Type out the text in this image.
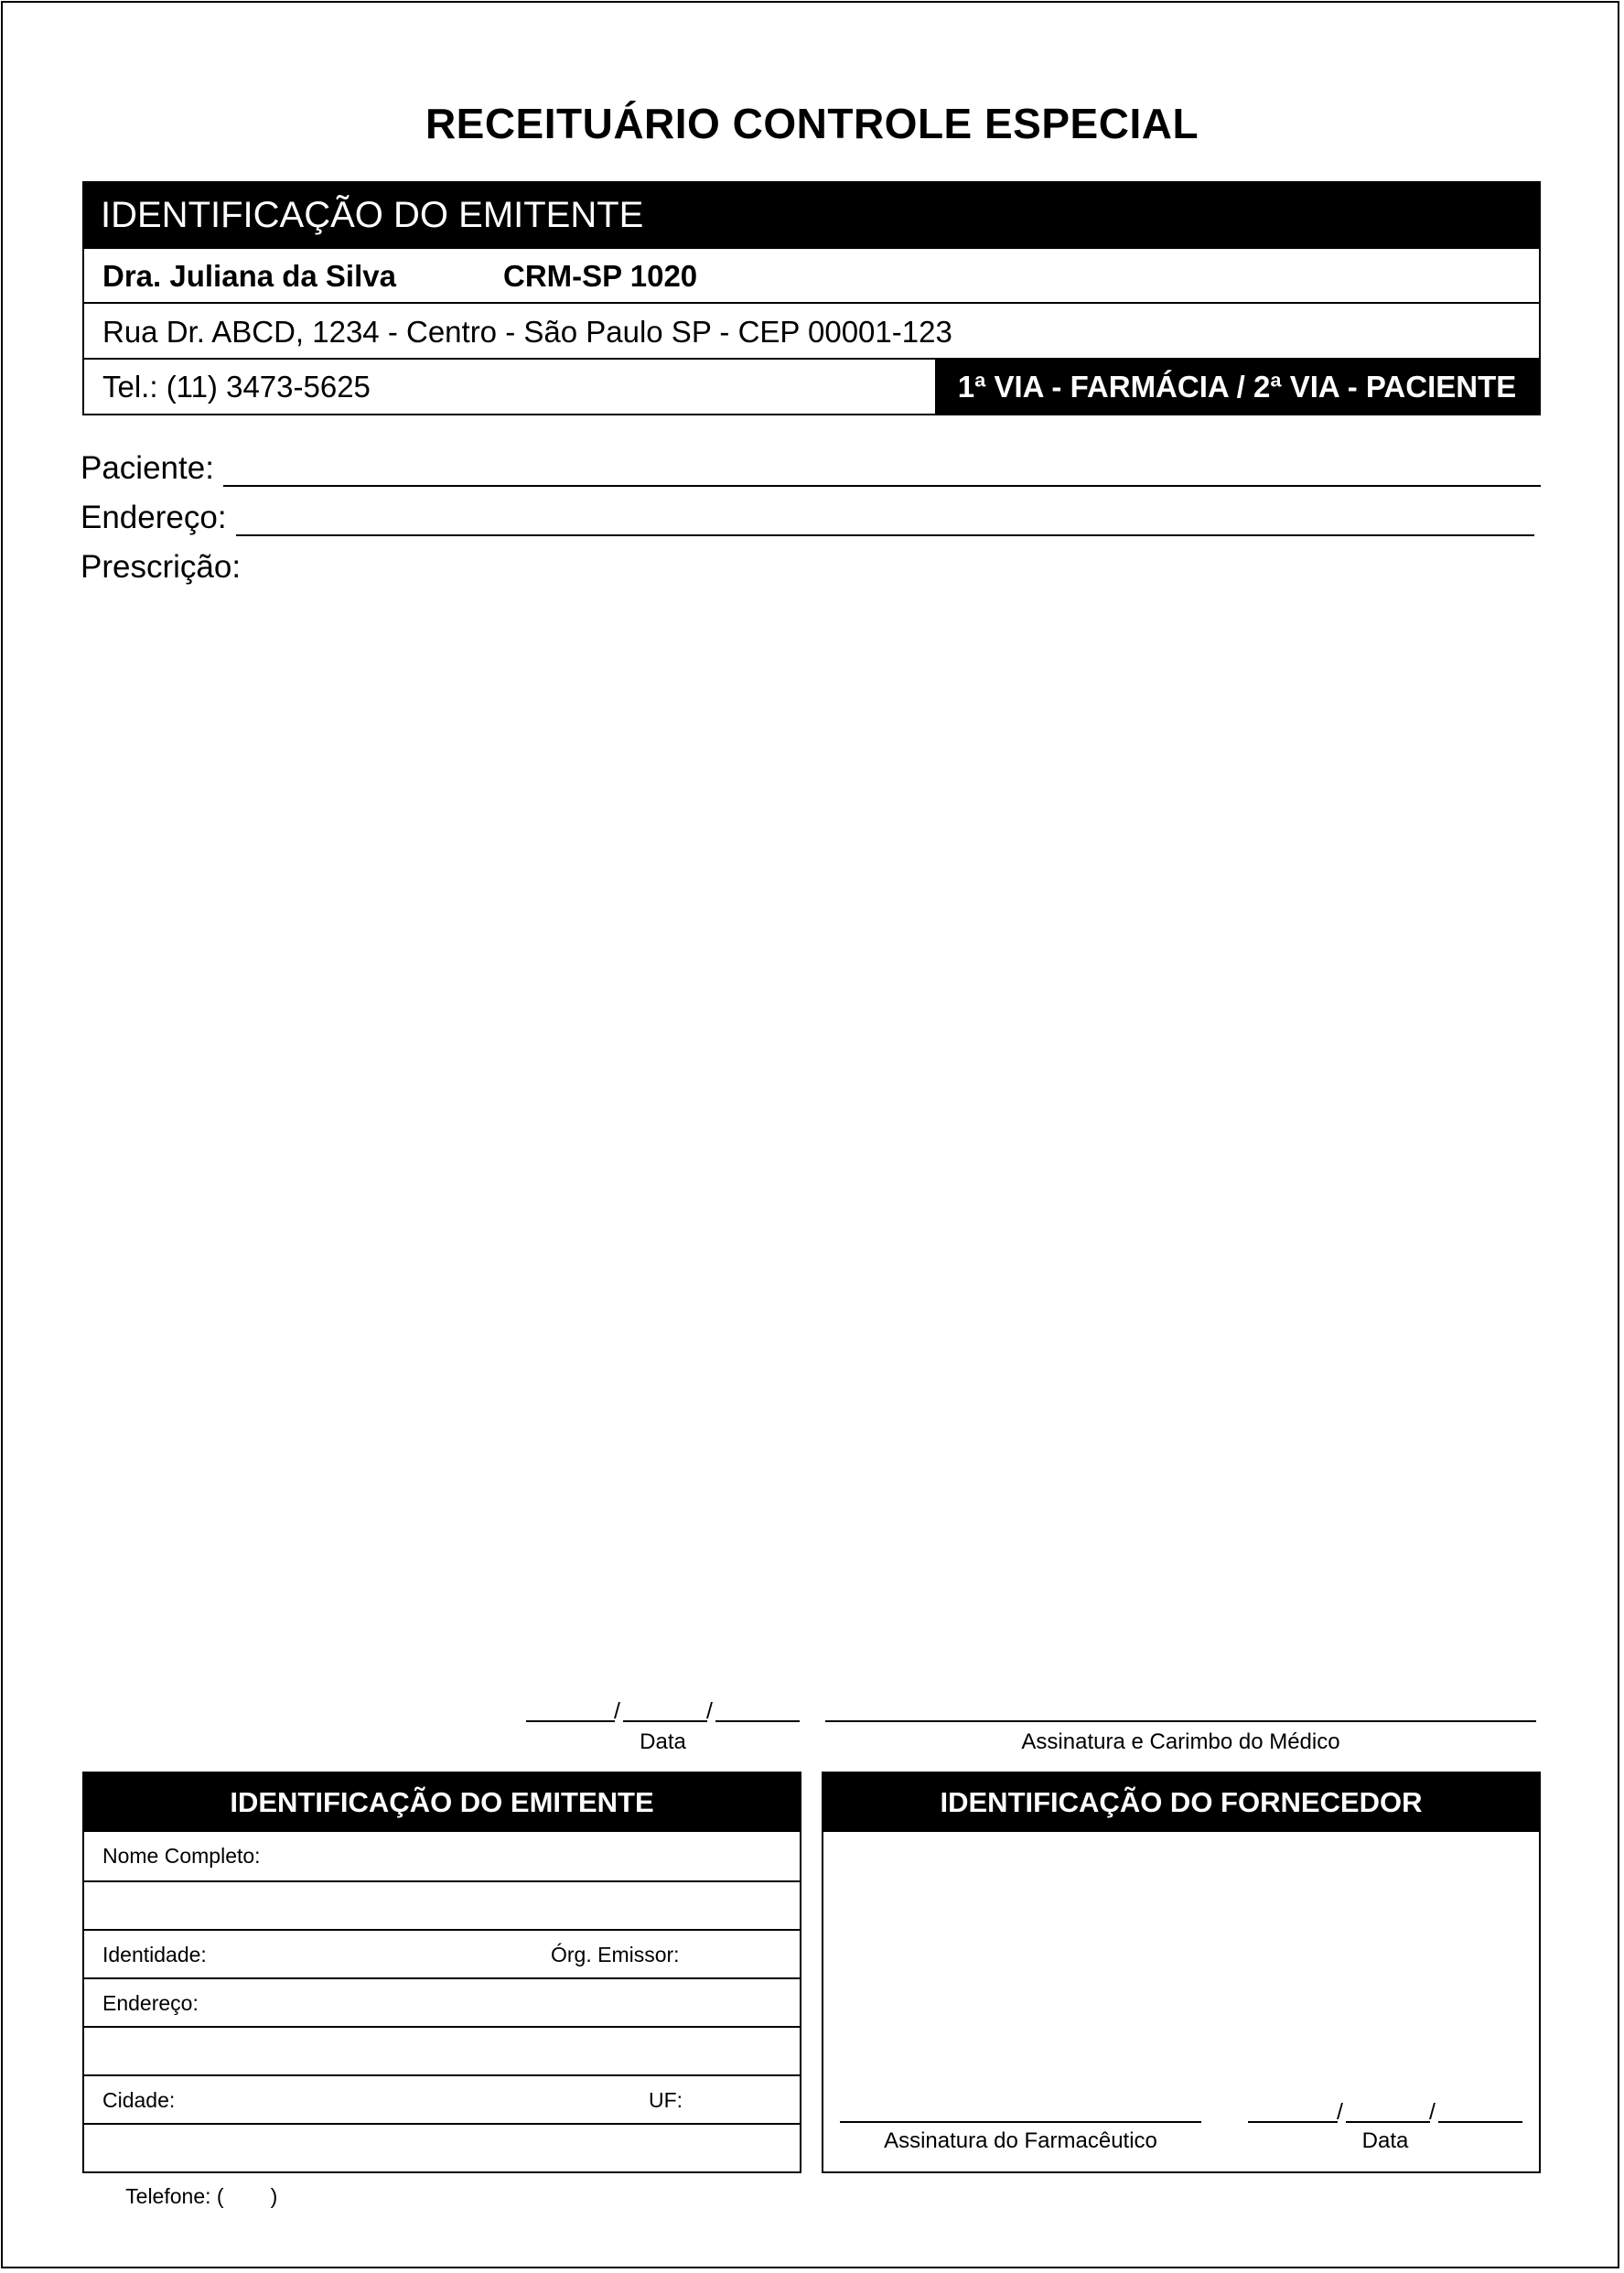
RECEITUÁRIO CONTROLE ESPECIAL
IDENTIFICAÇÃO DO EMITENTE
Dra. Juliana da Silva	CRM-SP 1020
Rua Dr. ABCD, 1234 - Centro - São Paulo SP - CEP 00001-123
Tel.: (11) 3473-5625	1ª VIA - FARMÁCIA / 2ª VIA - PACIENTE
Paciente:
Endereço:
Prescrição:
/	/
Data	Assinatura e Carimbo do Médico
IDENTIFICAÇÃO DO EMITENTE
Nome Completo:
Identidade:	Órg. Emissor:
Endereço:
Cidade:	UF:

Telefone: (        )

IDENTIFICAÇÃO DO FORNECEDOR
Assinatura do Farmacêutico
/	/
Data
